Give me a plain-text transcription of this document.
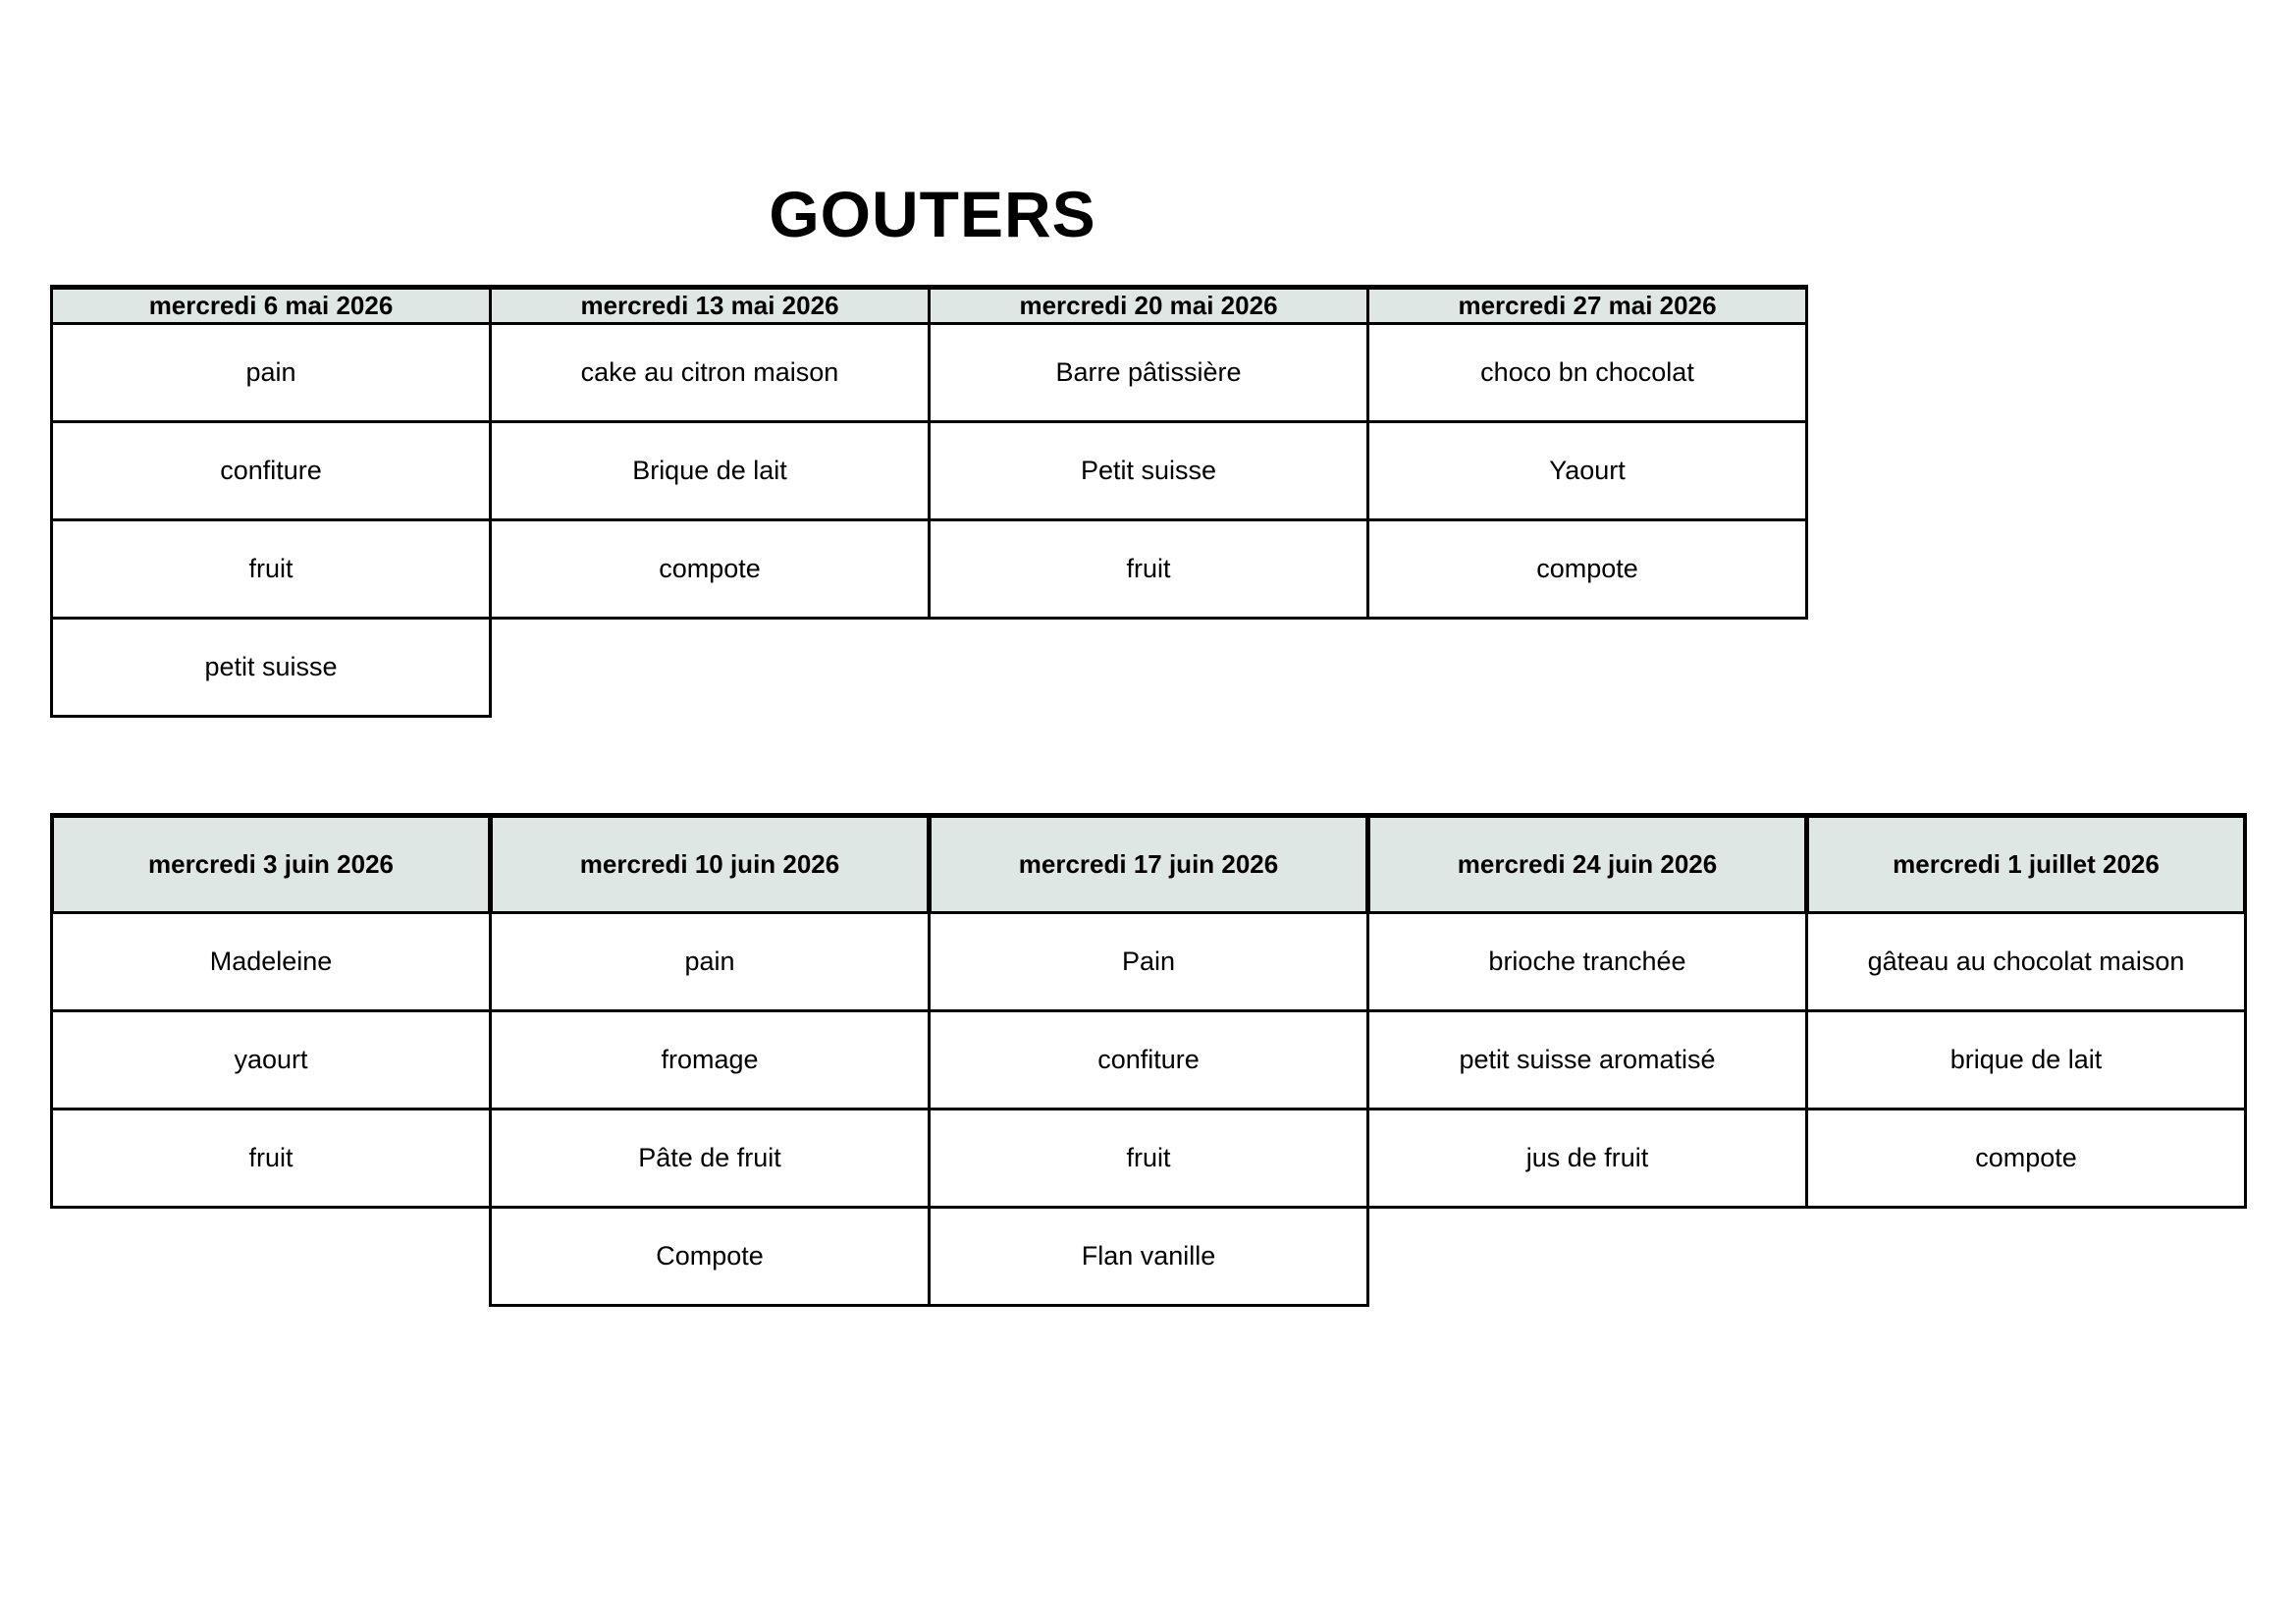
GOUTERS
mercredi 6 mai 2026
pain
confiture
fruit
petit suisse
mercredi 13 mai 2026
cake au citron maison
Brique de lait
compote
mercredi 20 mai 2026
Barre pâtissière
Petit suisse
fruit
mercredi 27 mai 2026
choco bn chocolat
Yaourt
compote
mercredi 3 juin 2026
Madeleine
yaourt
fruit
mercredi 10 juin 2026
pain
fromage
Pâte de fruit
Compote
mercredi 17 juin 2026
Pain
confiture
fruit
Flan vanille
mercredi 24 juin 2026
brioche tranchée
petit suisse aromatisé
jus de fruit
mercredi 1 juillet 2026
gâteau au chocolat maison
brique de lait
compote
